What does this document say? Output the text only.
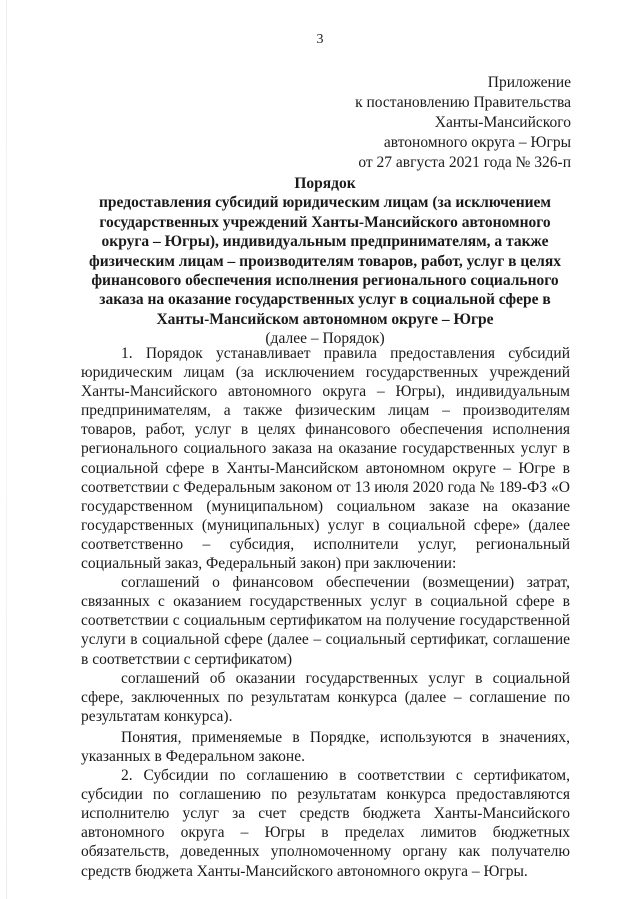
3
Приложение
к постановлению Правительства
Ханты-Мансийского
автономного округа – Югры
от 27 августа 2021 года № 326-п
Порядок
предоставления субсидий юридическим лицам (за исключением государственных учреждений Ханты-Мансийского автономного округа – Югры), индивидуальным предпринимателям, а также физическим лицам – производителям товаров, работ, услуг в целях финансового обеспечения исполнения регионального социального заказа на оказание государственных услуг в социальной сфере в Ханты-Мансийском автономном округе – Югре
(далее – Порядок)

1. Порядок устанавливает правила предоставления субсидий юридическим лицам (за исключением государственных учреждений Ханты-Мансийского автономного округа – Югры), индивидуальным предпринимателям, а также физическим лицам – производителям товаров, работ, услуг в целях финансового обеспечения исполнения регионального социального заказа на оказание государственных услуг в социальной сфере в Ханты-Мансийском автономном округе – Югре в соответствии с Федеральным законом от 13 июля 2020 года № 189-ФЗ «О государственном (муниципальном) социальном заказе на оказание государственных (муниципальных) услуг в социальной сфере» (далее соответственно – субсидия, исполнители услуг, региональный социальный заказ, Федеральный закон) при заключении:

соглашений о финансовом обеспечении (возмещении) затрат, связанных с оказанием государственных услуг в социальной сфере в соответствии с социальным сертификатом на получение государственной услуги в социальной сфере (далее – социальный сертификат, соглашение в соответствии с сертификатом)

соглашений об оказании государственных услуг в социальной сфере, заключенных по результатам конкурса (далее – соглашение по результатам конкурса).

Понятия, применяемые в Порядке, используются в значениях, указанных в Федеральном законе.

2. Субсидии по соглашению в соответствии с сертификатом, субсидии по соглашению по результатам конкурса предоставляются исполнителю услуг за счет средств бюджета Ханты-Мансийского автономного округа – Югры в пределах лимитов бюджетных обязательств, доведенных уполномоченному органу как получателю средств бюджета Ханты-Мансийского автономного округа – Югры.
